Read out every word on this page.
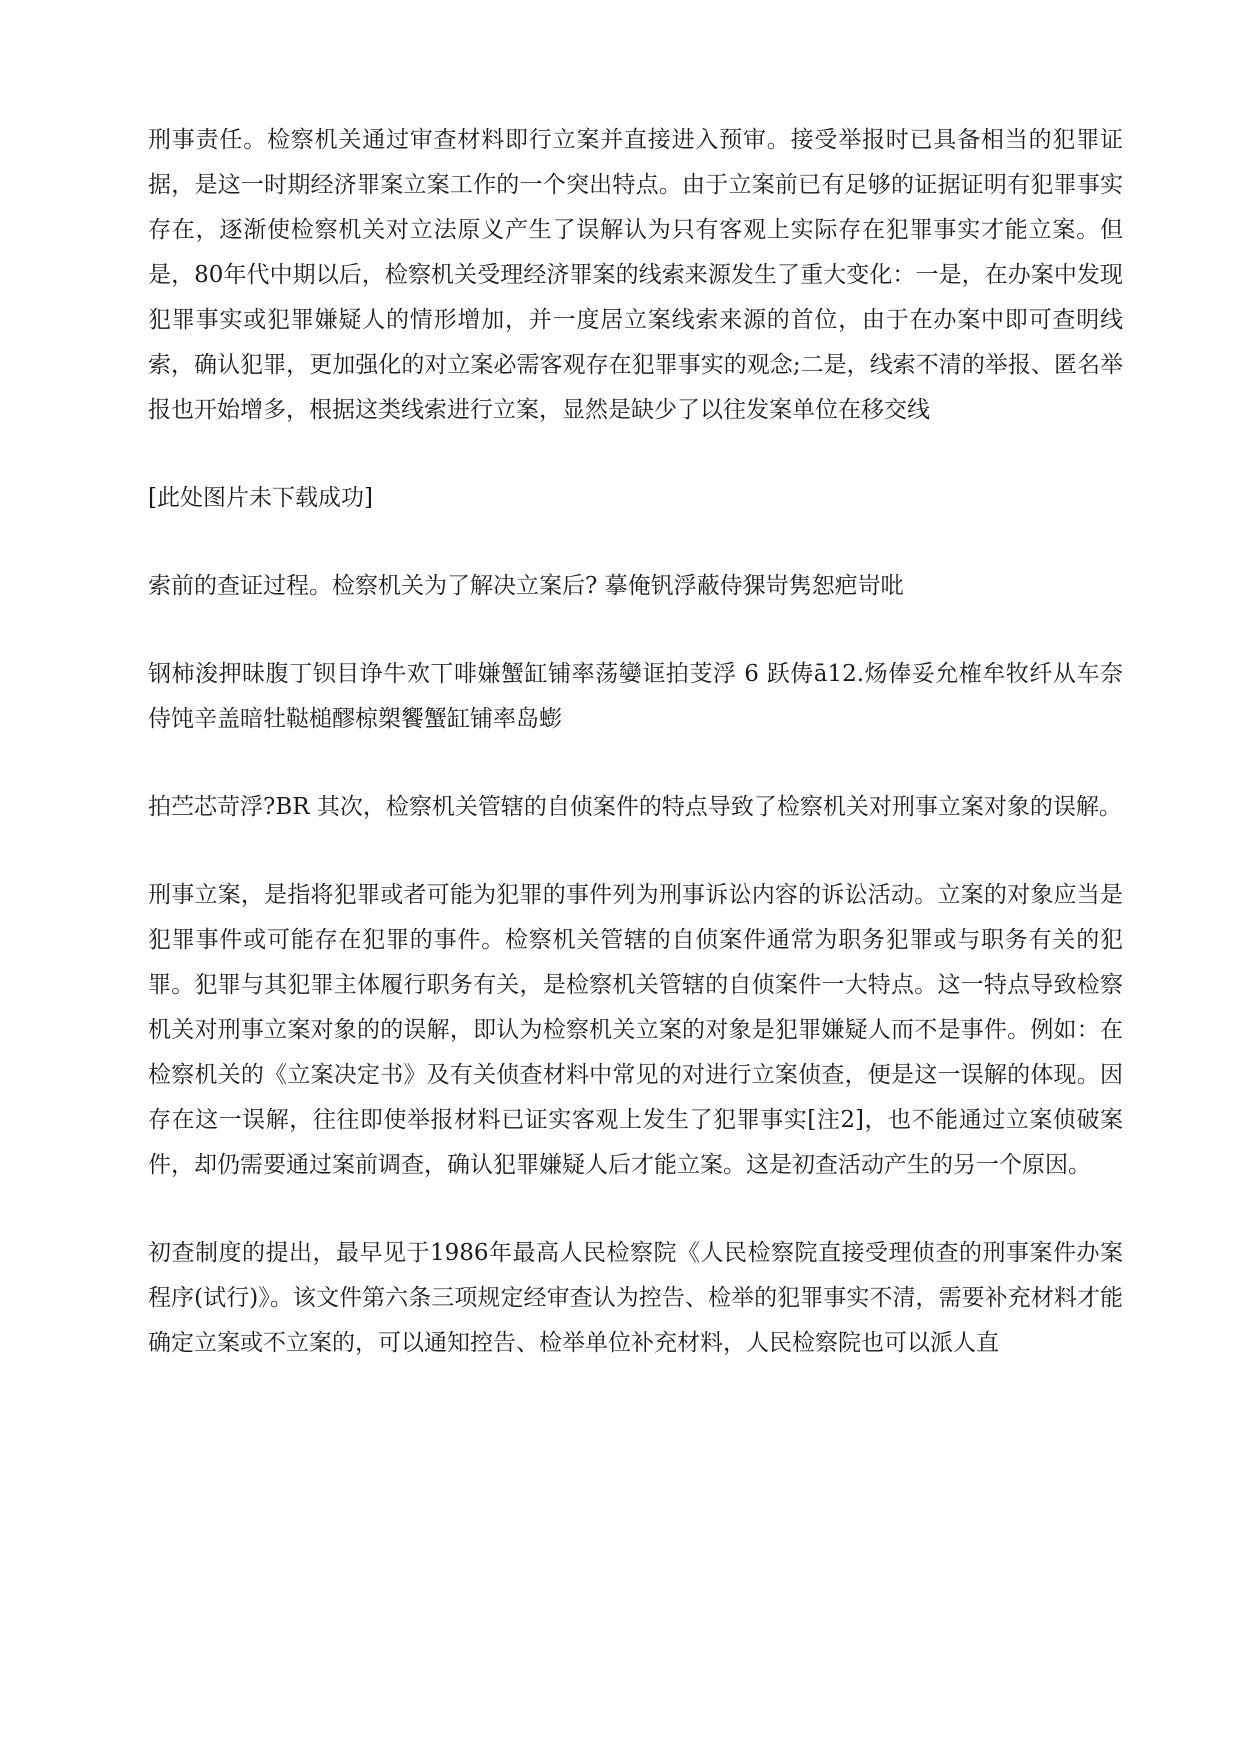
刑事责任。检察机关通过审查材料即行立案并直接进入预审。接受举报时已具备相当的犯罪证据，是这一时期经济罪案立案工作的一个突出特点。由于立案前已有足够的证据证明有犯罪事实存在，逐渐使检察机关对立法原义产生了误解认为只有客观上实际存在犯罪事实才能立案。但是，80年代中期以后，检察机关受理经济罪案的线索来源发生了重大变化：一是，在办案中发现犯罪事实或犯罪嫌疑人的情形增加，并一度居立案线索来源的首位，由于在办案中即可查明线索，确认犯罪，更加强化的对立案必需客观存在犯罪事实的观念;二是，线索不清的举报、匿名举报也开始增多，根据这类线索进行立案，显然是缺少了以往发案单位在移交线

[此处图片未下载成功]

索前的查证过程。检察机关为了解决立案后? 摹俺钒浮蔽侍猓岢隽恕疤岢吡

钢柿浚押昧腹丁钡目诤牛欢丅啡嫌蟹缸铺率荡孌诓拍芰浮 6 跃俦ā12.炀俸妥允榷牟牧纤从车奈侍饨辛盖暗牡鞑槌醪椋槊饗蟹缸铺率岛蟛

拍苎芯苛浮?BR 其次，检察机关管辖的自侦案件的特点导致了检察机关对刑事立案对象的误解。

刑事立案，是指将犯罪或者可能为犯罪的事件列为刑事诉讼内容的诉讼活动。立案的对象应当是犯罪事件或可能存在犯罪的事件。检察机关管辖的自侦案件通常为职务犯罪或与职务有关的犯罪。犯罪与其犯罪主体履行职务有关，是检察机关管辖的自侦案件一大特点。这一特点导致检察机关对刑事立案对象的的误解，即认为检察机关立案的对象是犯罪嫌疑人而不是事件。例如：在检察机关的《立案决定书》及有关侦查材料中常见的对进行立案侦查，便是这一误解的体现。因存在这一误解，往往即使举报材料已证实客观上发生了犯罪事实[注2]，也不能通过立案侦破案件，却仍需要通过案前调查，确认犯罪嫌疑人后才能立案。这是初查活动产生的另一个原因。

初查制度的提出，最早见于1986年最高人民检察院《人民检察院直接受理侦查的刑事案件办案程序(试行)》。该文件第六条三项规定经审查认为控告、检举的犯罪事实不清，需要补充材料才能确定立案或不立案的，可以通知控告、检举单位补充材料，人民检察院也可以派人直
